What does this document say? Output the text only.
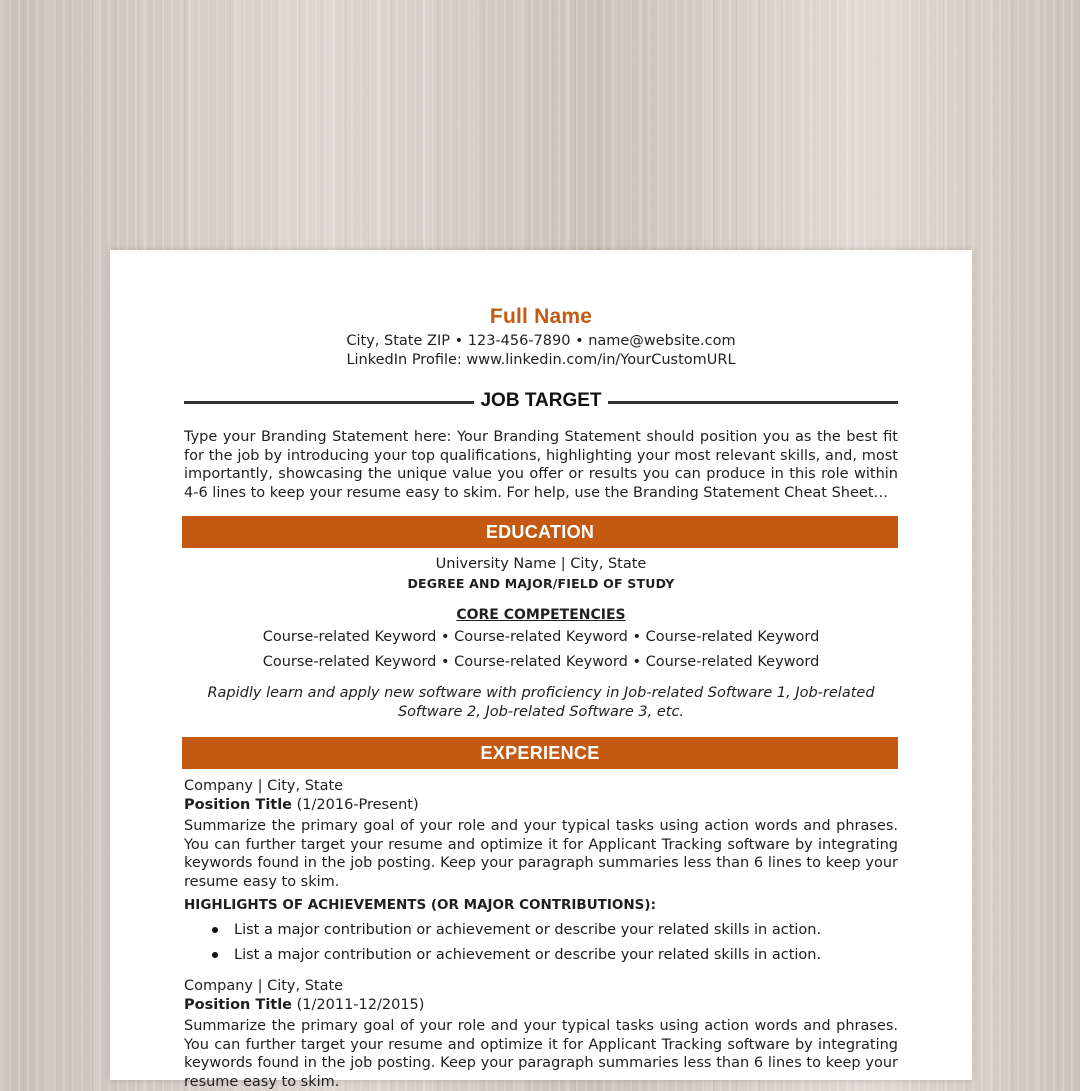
Full Name
City, State ZIP • 123-456-7890 • name@website.com
LinkedIn Profile: www.linkedin.com/in/YourCustomURL
JOB TARGET
Type your Branding Statement here: Your Branding Statement should position you as the best fit for the job by introducing your top qualifications, highlighting your most relevant skills, and, most importantly, showcasing the unique value you offer or results you can produce in this role within 4-6 lines to keep your resume easy to skim. For help, use the Branding Statement Cheat Sheet…
EDUCATION
University Name | City, State
DEGREE AND MAJOR/FIELD OF STUDY
CORE COMPETENCIES
Course-related Keyword • Course-related Keyword • Course-related Keyword
Course-related Keyword • Course-related Keyword • Course-related Keyword
Rapidly learn and apply new software with proficiency in Job-related Software 1, Job-related
Software 2, Job-related Software 3, etc.
EXPERIENCE
Company | City, State
Position Title (1/2016-Present)
Summarize the primary goal of your role and your typical tasks using action words and phrases. You can further target your resume and optimize it for Applicant Tracking software by integrating keywords found in the job posting. Keep your paragraph summaries less than 6 lines to keep your resume easy to skim.
HIGHLIGHTS OF ACHIEVEMENTS (OR MAJOR CONTRIBUTIONS):
List a major contribution or achievement or describe your related skills in action.
List a major contribution or achievement or describe your related skills in action.
Company | City, State
Position Title (1/2011-12/2015)
Summarize the primary goal of your role and your typical tasks using action words and phrases. You can further target your resume and optimize it for Applicant Tracking software by integrating keywords found in the job posting. Keep your paragraph summaries less than 6 lines to keep your resume easy to skim.
